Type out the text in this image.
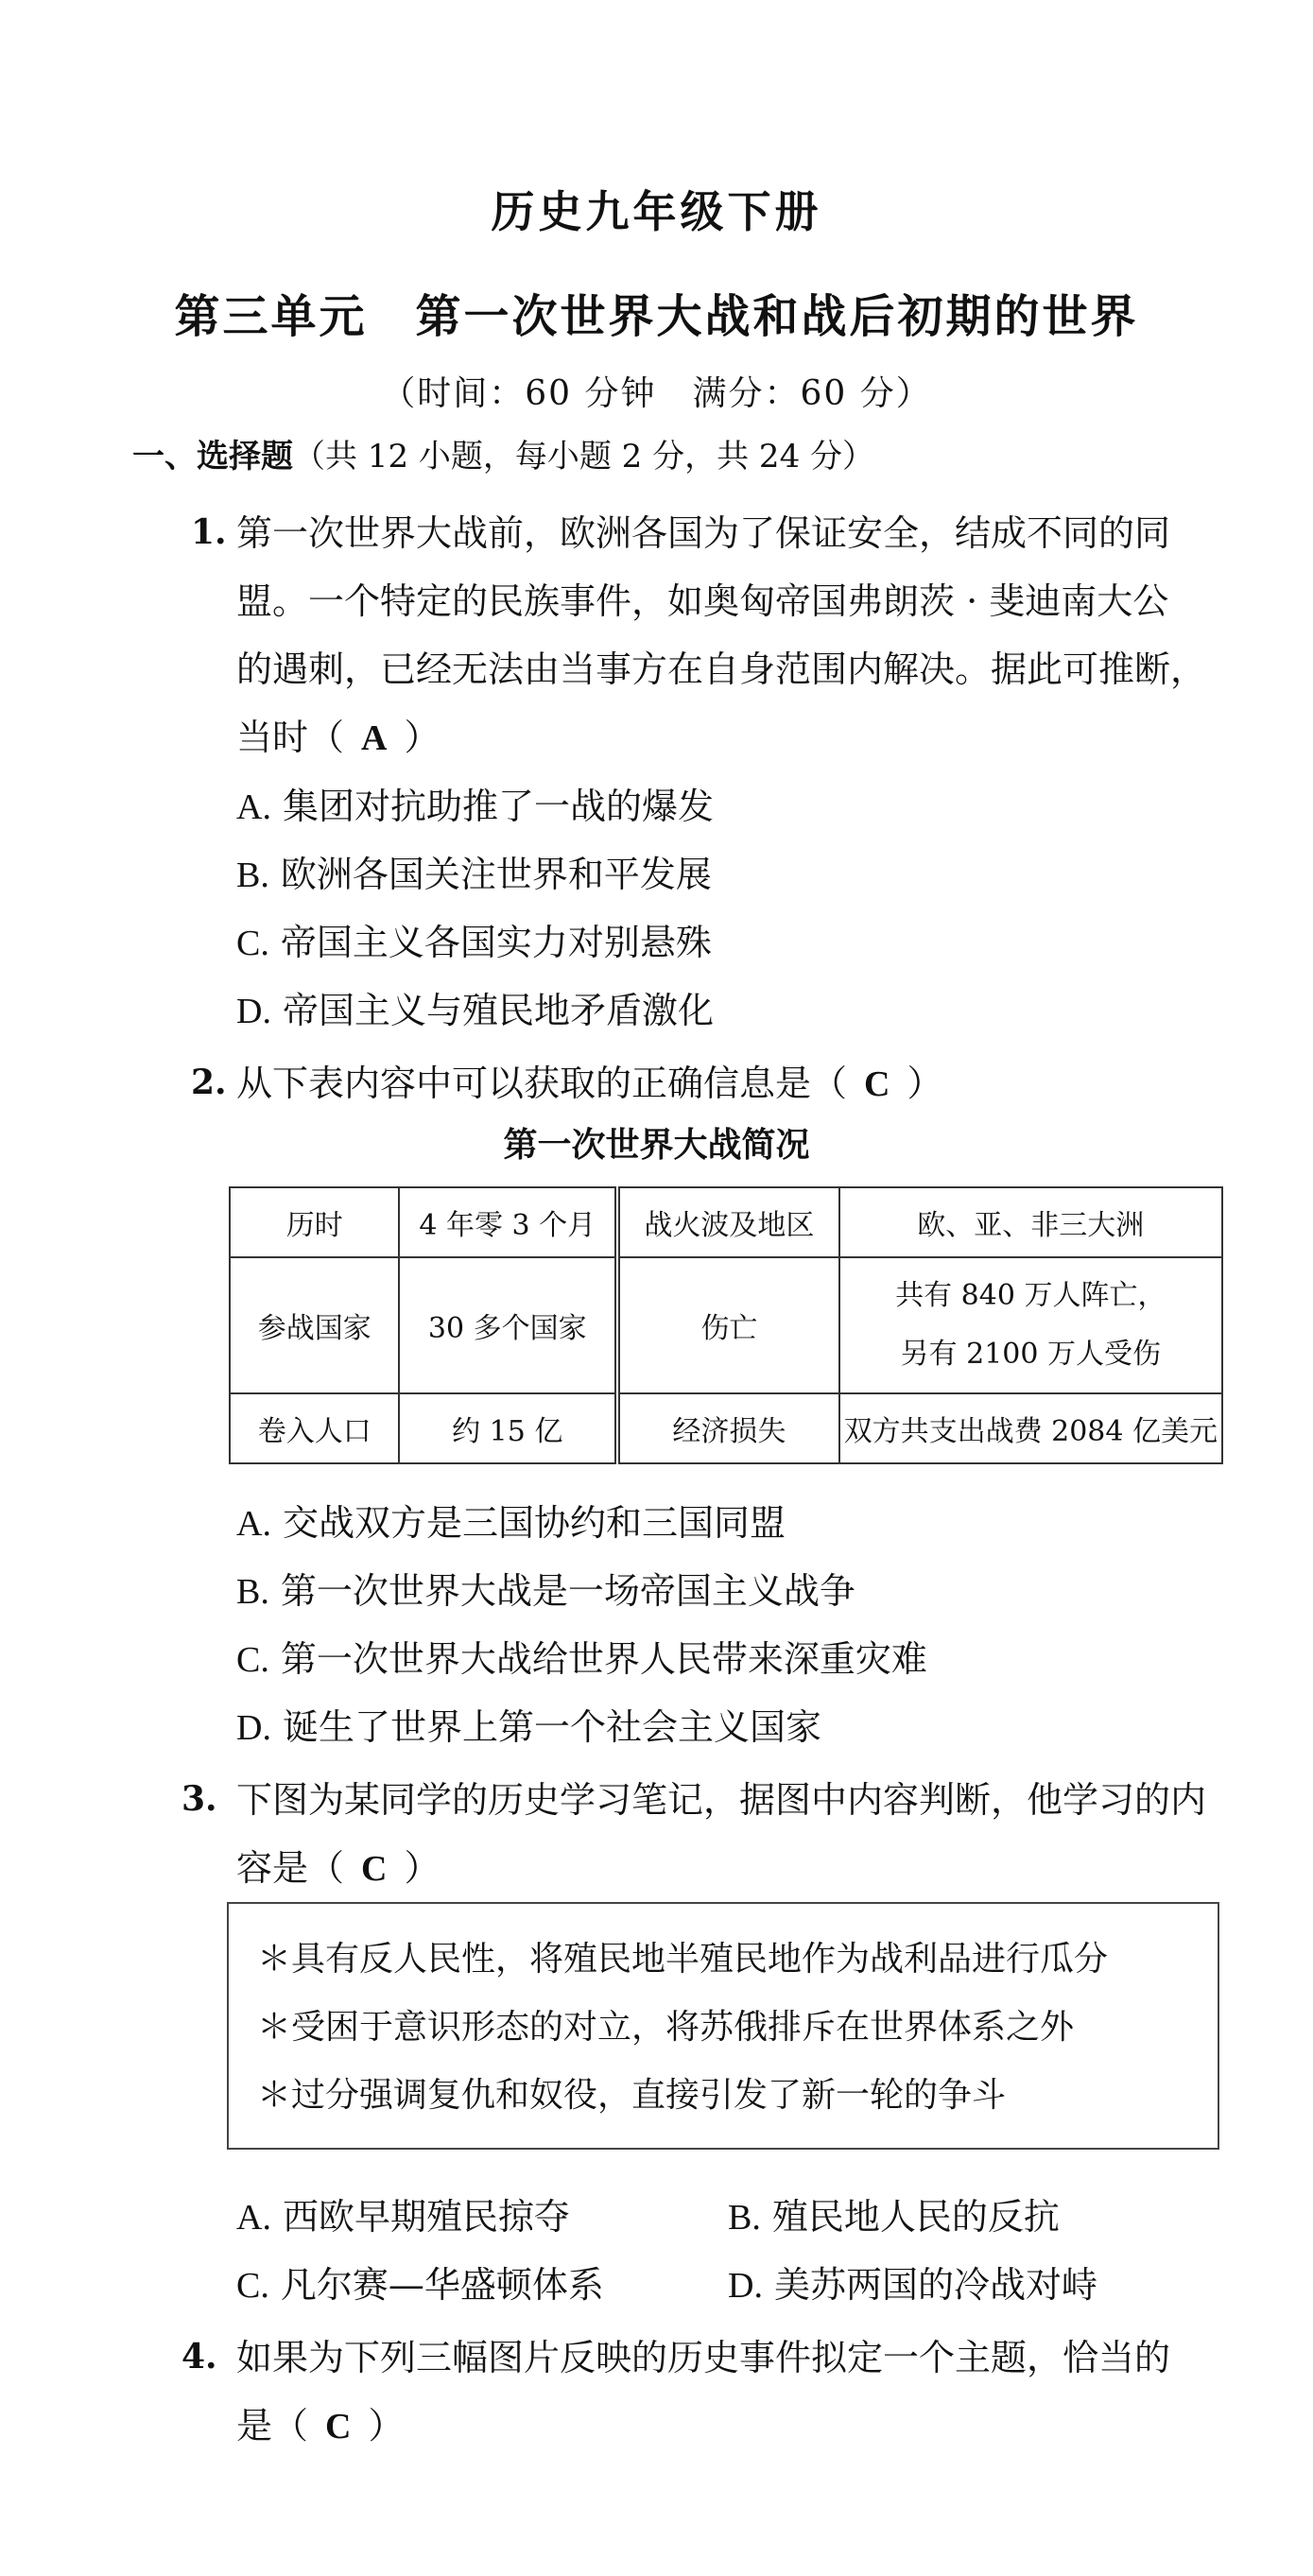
历史九年级下册
第三单元　第一次世界大战和战后初期的世界
（时间：60 分钟　满分：60 分）
一、选择题（共 12 小题，每小题 2 分，共 24 分）
1. 第一次世界大战前，欧洲各国为了保证安全，结成不同的同
盟。一个特定的民族事件，如奥匈帝国弗朗茨 · 斐迪南大公
的遇刺，已经无法由当事方在自身范围内解决。据此可推断，
当时（ A ）
A. 集团对抗助推了一战的爆发
B. 欧洲各国关注世界和平发展
C. 帝国主义各国实力对别悬殊
D. 帝国主义与殖民地矛盾激化
2. 从下表内容中可以获取的正确信息是（ C ）
第一次世界大战简况
历时	4 年零 3 个月	战火波及地区	欧、亚、非三大洲
参战国家	30 多个国家	伤亡	共有 840 万人阵亡，
另有 2100 万人受伤

卷入人口	约 15 亿	经济损失	双方共支出战费 2084 亿美元
A. 交战双方是三国协约和三国同盟
B. 第一次世界大战是一场帝国主义战争
C. 第一次世界大战给世界人民带来深重灾难
D. 诞生了世界上第一个社会主义国家
3. 下图为某同学的历史学习笔记，据图中内容判断，他学习的内
容是（ C ）
＊具有反人民性，将殖民地半殖民地作为战利品进行瓜分
＊受困于意识形态的对立，将苏俄排斥在世界体系之外
＊过分强调复仇和奴役，直接引发了新一轮的争斗
A. 西欧早期殖民掠夺	B. 殖民地人民的反抗
C. 凡尔赛—华盛顿体系	D. 美苏两国的冷战对峙
4. 如果为下列三幅图片反映的历史事件拟定一个主题，恰当的
是（ C ）
